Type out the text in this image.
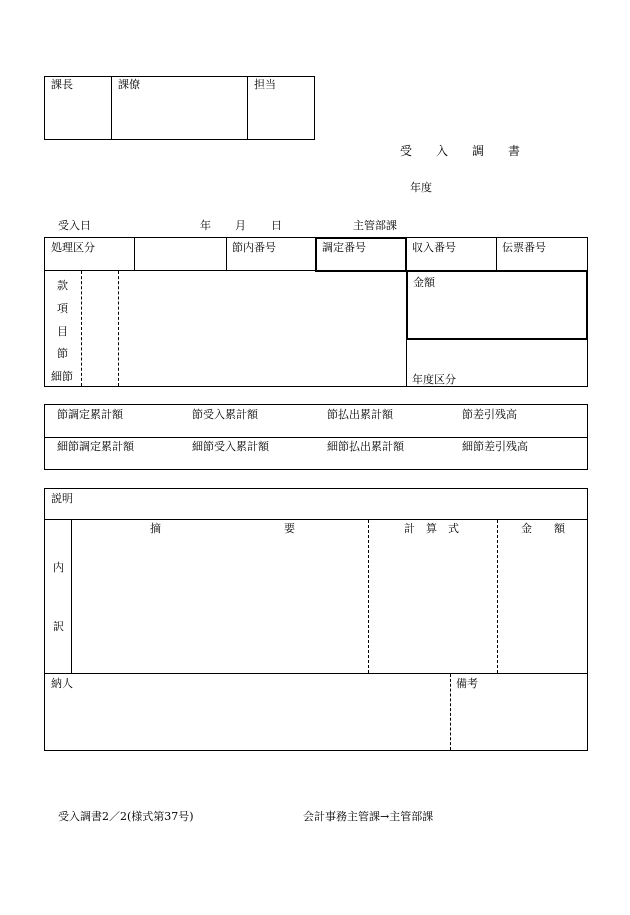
課長	課僚	担当
受　　入　　調　　書
年度
受入日	年 月 日	主管部課
処理区分	節内番号	調定番号	収入番号	伝票番号
款
項
目
節
細節
金額
年度区分
節調定累計額	節受入累計額	節払出累計額	節差引残高
細節調定累計額	細節受入累計額	細節払出累計額	細節差引残高
説明
摘	要	計　算　式	金　　額
内
訳
納人	備考
受入調書2／2(様式第37号)	会計事務主管課→主管部課
